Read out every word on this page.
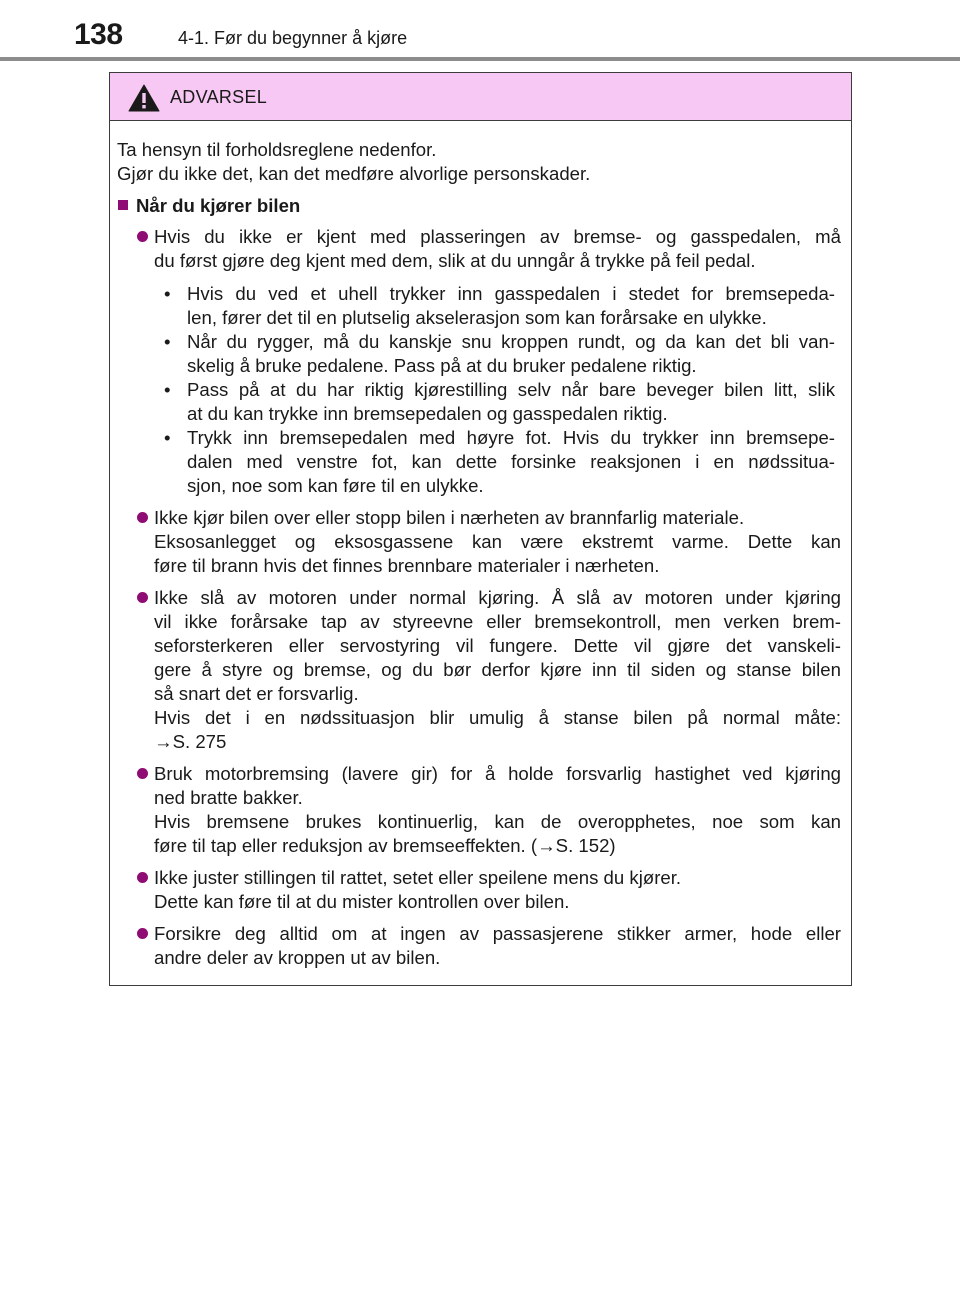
138	4-1. Før du begynner å kjøre
ADVARSEL
Ta hensyn til forholdsreglene nedenfor.
Gjør du ikke det, kan det medføre alvorlige personskader.
Når du kjører bilen
Hvis du ikke er kjent med plasseringen av bremse- og gasspedalen, må
du først gjøre deg kjent med dem, slik at du unngår å trykke på feil pedal.
• Hvis du ved et uhell trykker inn gasspedalen i stedet for bremsepeda-
len, fører det til en plutselig akselerasjon som kan forårsake en ulykke.
• Når du rygger, må du kanskje snu kroppen rundt, og da kan det bli van-
skelig å bruke pedalene. Pass på at du bruker pedalene riktig.
• Pass på at du har riktig kjørestilling selv når bare beveger bilen litt, slik
at du kan trykke inn bremsepedalen og gasspedalen riktig.
• Trykk inn bremsepedalen med høyre fot. Hvis du trykker inn bremsepe-
dalen med venstre fot, kan dette forsinke reaksjonen i en nødssitua-
sjon, noe som kan føre til en ulykke.
Ikke kjør bilen over eller stopp bilen i nærheten av brannfarlig materiale.
Eksosanlegget og eksosgassene kan være ekstremt varme. Dette kan
føre til brann hvis det finnes brennbare materialer i nærheten.
Ikke slå av motoren under normal kjøring. Å slå av motoren under kjøring
vil ikke forårsake tap av styreevne eller bremsekontroll, men verken brem-
seforsterkeren eller servostyring vil fungere. Dette vil gjøre det vanskeli-
gere å styre og bremse, og du bør derfor kjøre inn til siden og stanse bilen
så snart det er forsvarlig.
Hvis det i en nødssituasjon blir umulig å stanse bilen på normal måte:
→S. 275
Bruk motorbremsing (lavere gir) for å holde forsvarlig hastighet ved kjøring
ned bratte bakker.
Hvis bremsene brukes kontinuerlig, kan de overopphetes, noe som kan
føre til tap eller reduksjon av bremseeffekten. (→S. 152)
Ikke juster stillingen til rattet, setet eller speilene mens du kjører.
Dette kan føre til at du mister kontrollen over bilen.
Forsikre deg alltid om at ingen av passasjerene stikker armer, hode eller
andre deler av kroppen ut av bilen.
